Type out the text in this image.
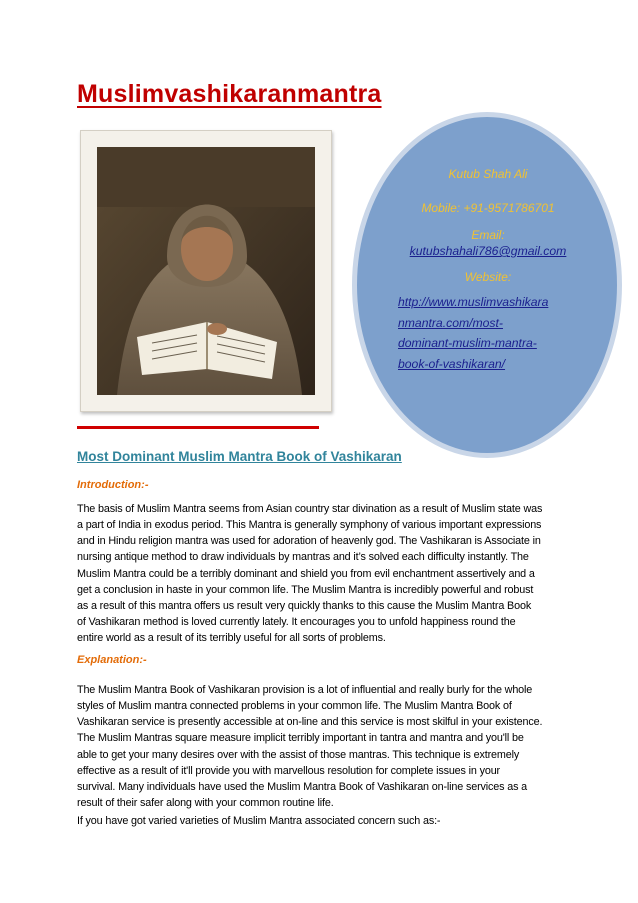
Muslimvashikaranmantra
Kutub Shah Ali
Mobile: +91-9571786701
Email:
kutubshahali786@gmail.com
Website:
http://www.muslimvashikara
nmantra.com/most-
dominant-muslim-mantra-
book-of-vashikaran/
Most Dominant Muslim Mantra Book of Vashikaran
Introduction:-
The basis of Muslim Mantra seems from Asian country star divination as a result of Muslim state was
a part of India in exodus period. This Mantra is generally symphony of various important expressions
and in Hindu religion mantra was used for adoration of heavenly god. The Vashikaran is Associate in
nursing antique method to draw individuals by mantras and it’s solved each difficulty instantly. The
Muslim Mantra could be a terribly dominant and shield you from evil enchantment assertively and a
get a conclusion in haste in your common life. The Muslim Mantra is incredibly powerful and robust
as a result of this mantra offers us result very quickly thanks to this cause the Muslim Mantra Book
of Vashikaran method is loved currently lately. It encourages you to unfold happiness round the
entire world as a result of its terribly useful for all sorts of problems.
Explanation:-
The Muslim Mantra Book of Vashikaran provision is a lot of influential and really burly for the whole
styles of Muslim mantra connected problems in your common life. The Muslim Mantra Book of
Vashikaran service is presently accessible at on-line and this service is most skilful in your existence.
The Muslim Mantras square measure implicit terribly important in tantra and mantra and you'll be
able to get your many desires over with the assist of those mantras. This technique is extremely
effective as a result of it'll provide you with marvellous resolution for complete issues in your
survival. Many individuals have used the Muslim Mantra Book of Vashikaran on-line services as a
result of their safer along with your common routine life.
If you have got varied varieties of Muslim Mantra associated concern such as:-
